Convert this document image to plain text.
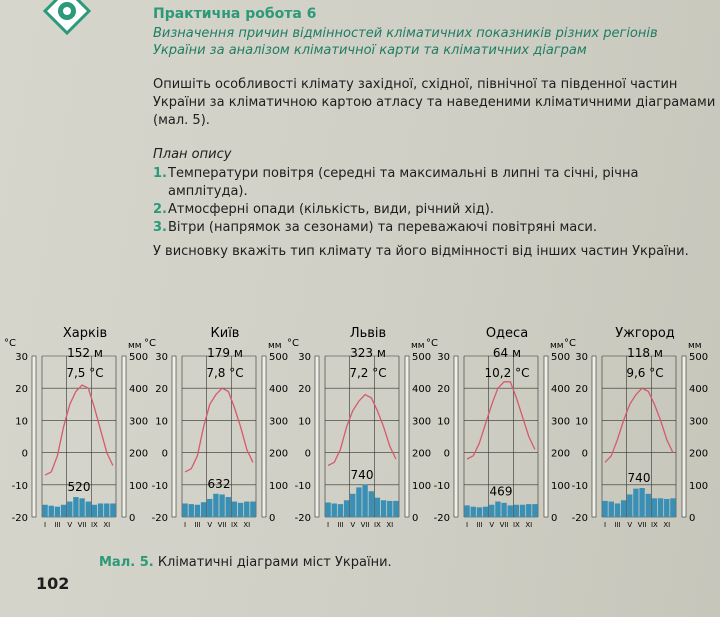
Практична робота 6
Визначення причин відмінностей кліматичних показників різних регіонів України за аналізом кліматичної карти та кліматичних діаграм
Опишіть особливості клімату західної, східної, північної та південної частин України за кліматичною картою атласу та наведеними кліматичними діаграмами (мал. 5).
План опису
1. Температури повітря (середні та максимальні в липні та січні, річна амплітуда).
2. Атмосферні опади (кількість, види, річний хід).
3. Вітри (напрямок за сезонами) та переважаючі повітряні маси.
У висновку вкажіть тип клімату та його відмінності від інших частин України.
°C
30
20
10
0
-10
-20
мм
500
400
300
200
100
0
I III V VII IX XI
Харків
152 м
7,5 °C
520
°C
30
20
10
0
-10
-20
мм
500
400
300
200
100
0
I III V VII IX XI
Київ
179 м
7,8 °C
632
°C
30
20
10
0
-10
-20
мм
500
400
300
200
100
0
I III V VII IX XI
Львів
323 м
7,2 °C
740
°C
30
20
10
0
-10
-20
мм
500
400
300
200
100
0
I III V VII IX XI
Одеса
64 м
10,2 °C
469
°C
30
20
10
0
-10
-20
мм
500
400
300
200
100
0
I III V VII IX XI
Ужгород
118 м
9,6 °C
740
Мал. 5. Кліматичні діаграми міст України.
102
